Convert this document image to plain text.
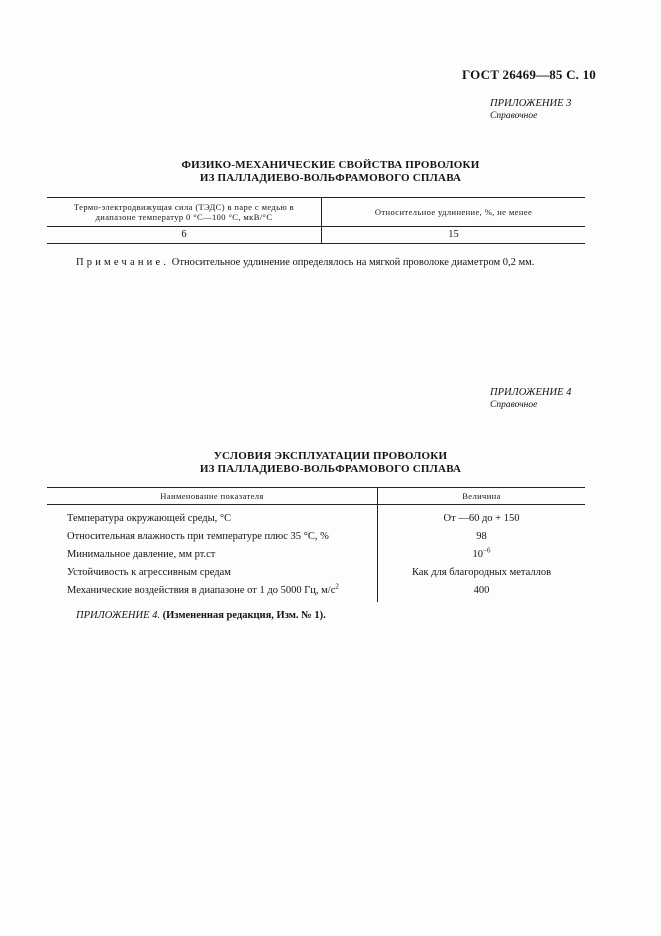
ГОСТ 26469—85 С. 10
ПРИЛОЖЕНИЕ 3
Справочное
ФИЗИКО-МЕХАНИЧЕСКИЕ СВОЙСТВА ПРОВОЛОКИ
ИЗ ПАЛЛАДИЕВО-ВОЛЬФРАМОВОГО СПЛАВА
Термо-электродвижущая сила (ТЭДС) в паре с медью в
диапазоне температур 0 °С—100 °С, мкВ/°С	Относительное удлинение, %, не менее
6	15
Примечание. Относительное удлинение определялось на мягкой проволоке диаметром 0,2 мм.
ПРИЛОЖЕНИЕ 4
Справочное
УСЛОВИЯ ЭКСПЛУАТАЦИИ ПРОВОЛОКИ
ИЗ ПАЛЛАДИЕВО-ВОЛЬФРАМОВОГО СПЛАВА
Наименование показателя	Величина
Температура окружающей среды, °С	От —60 до + 150
Относительная влажность при температуре плюс 35 °С, %	98
Минимальное давление, мм рт.ст	$10^{-6}$
Устойчивость к агрессивным средам	Как для благородных металлов
Механические воздействия в диапазоне от 1 до 5000 Гц, $м/с^2$	400
ПРИЛОЖЕНИЕ 4. (Измененная редакция, Изм. № 1).
